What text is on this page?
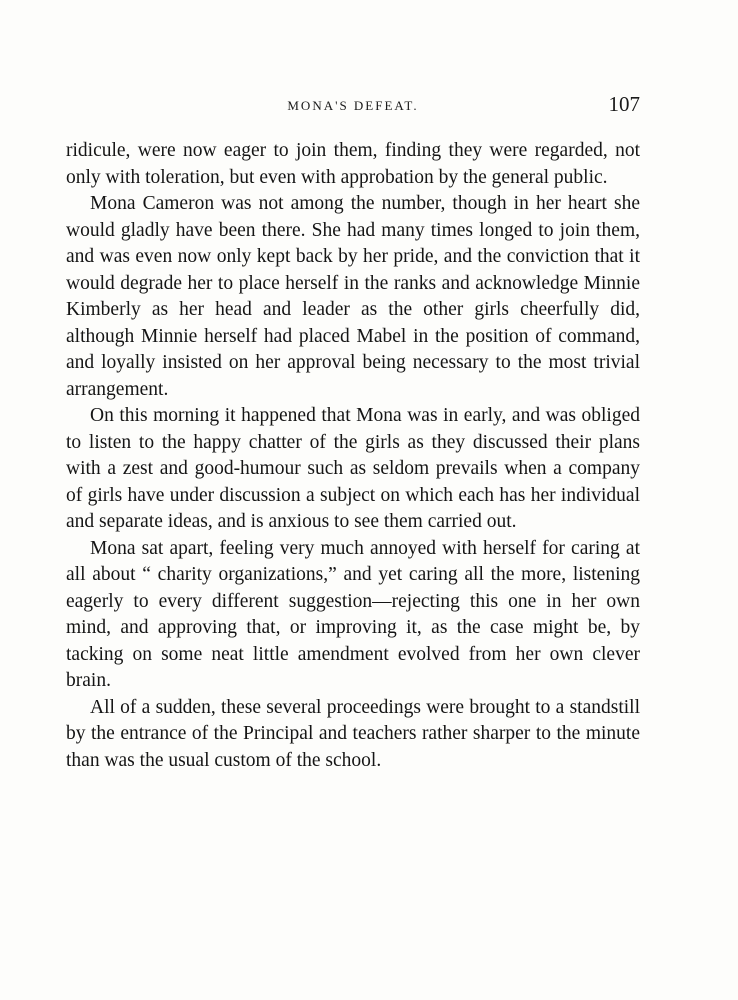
MONA'S DEFEAT.	107

ridicule, were now eager to join them, finding they were regarded, not only with toleration, but even with approbation by the general public.

Mona Cameron was not among the number, though in her heart she would gladly have been there. She had many times longed to join them, and was even now only kept back by her pride, and the conviction that it would degrade her to place herself in the ranks and acknowledge Minnie Kimberly as her head and leader as the other girls cheerfully did, although Minnie herself had placed Mabel in the position of command, and loyally insisted on her approval being necessary to the most trivial arrangement.

On this morning it happened that Mona was in early, and was obliged to listen to the happy chatter of the girls as they discussed their plans with a zest and good-humour such as seldom prevails when a company of girls have under discussion a subject on which each has her individual and separate ideas, and is anxious to see them carried out.

Mona sat apart, feeling very much annoyed with herself for caring at all about “ charity organizations,” and yet caring all the more, listening eagerly to every different suggestion—rejecting this one in her own mind, and approving that, or improving it, as the case might be, by tacking on some neat little amendment evolved from her own clever brain.

All of a sudden, these several proceedings were brought to a standstill by the entrance of the Principal and teachers rather sharper to the minute than was the usual custom of the school.
